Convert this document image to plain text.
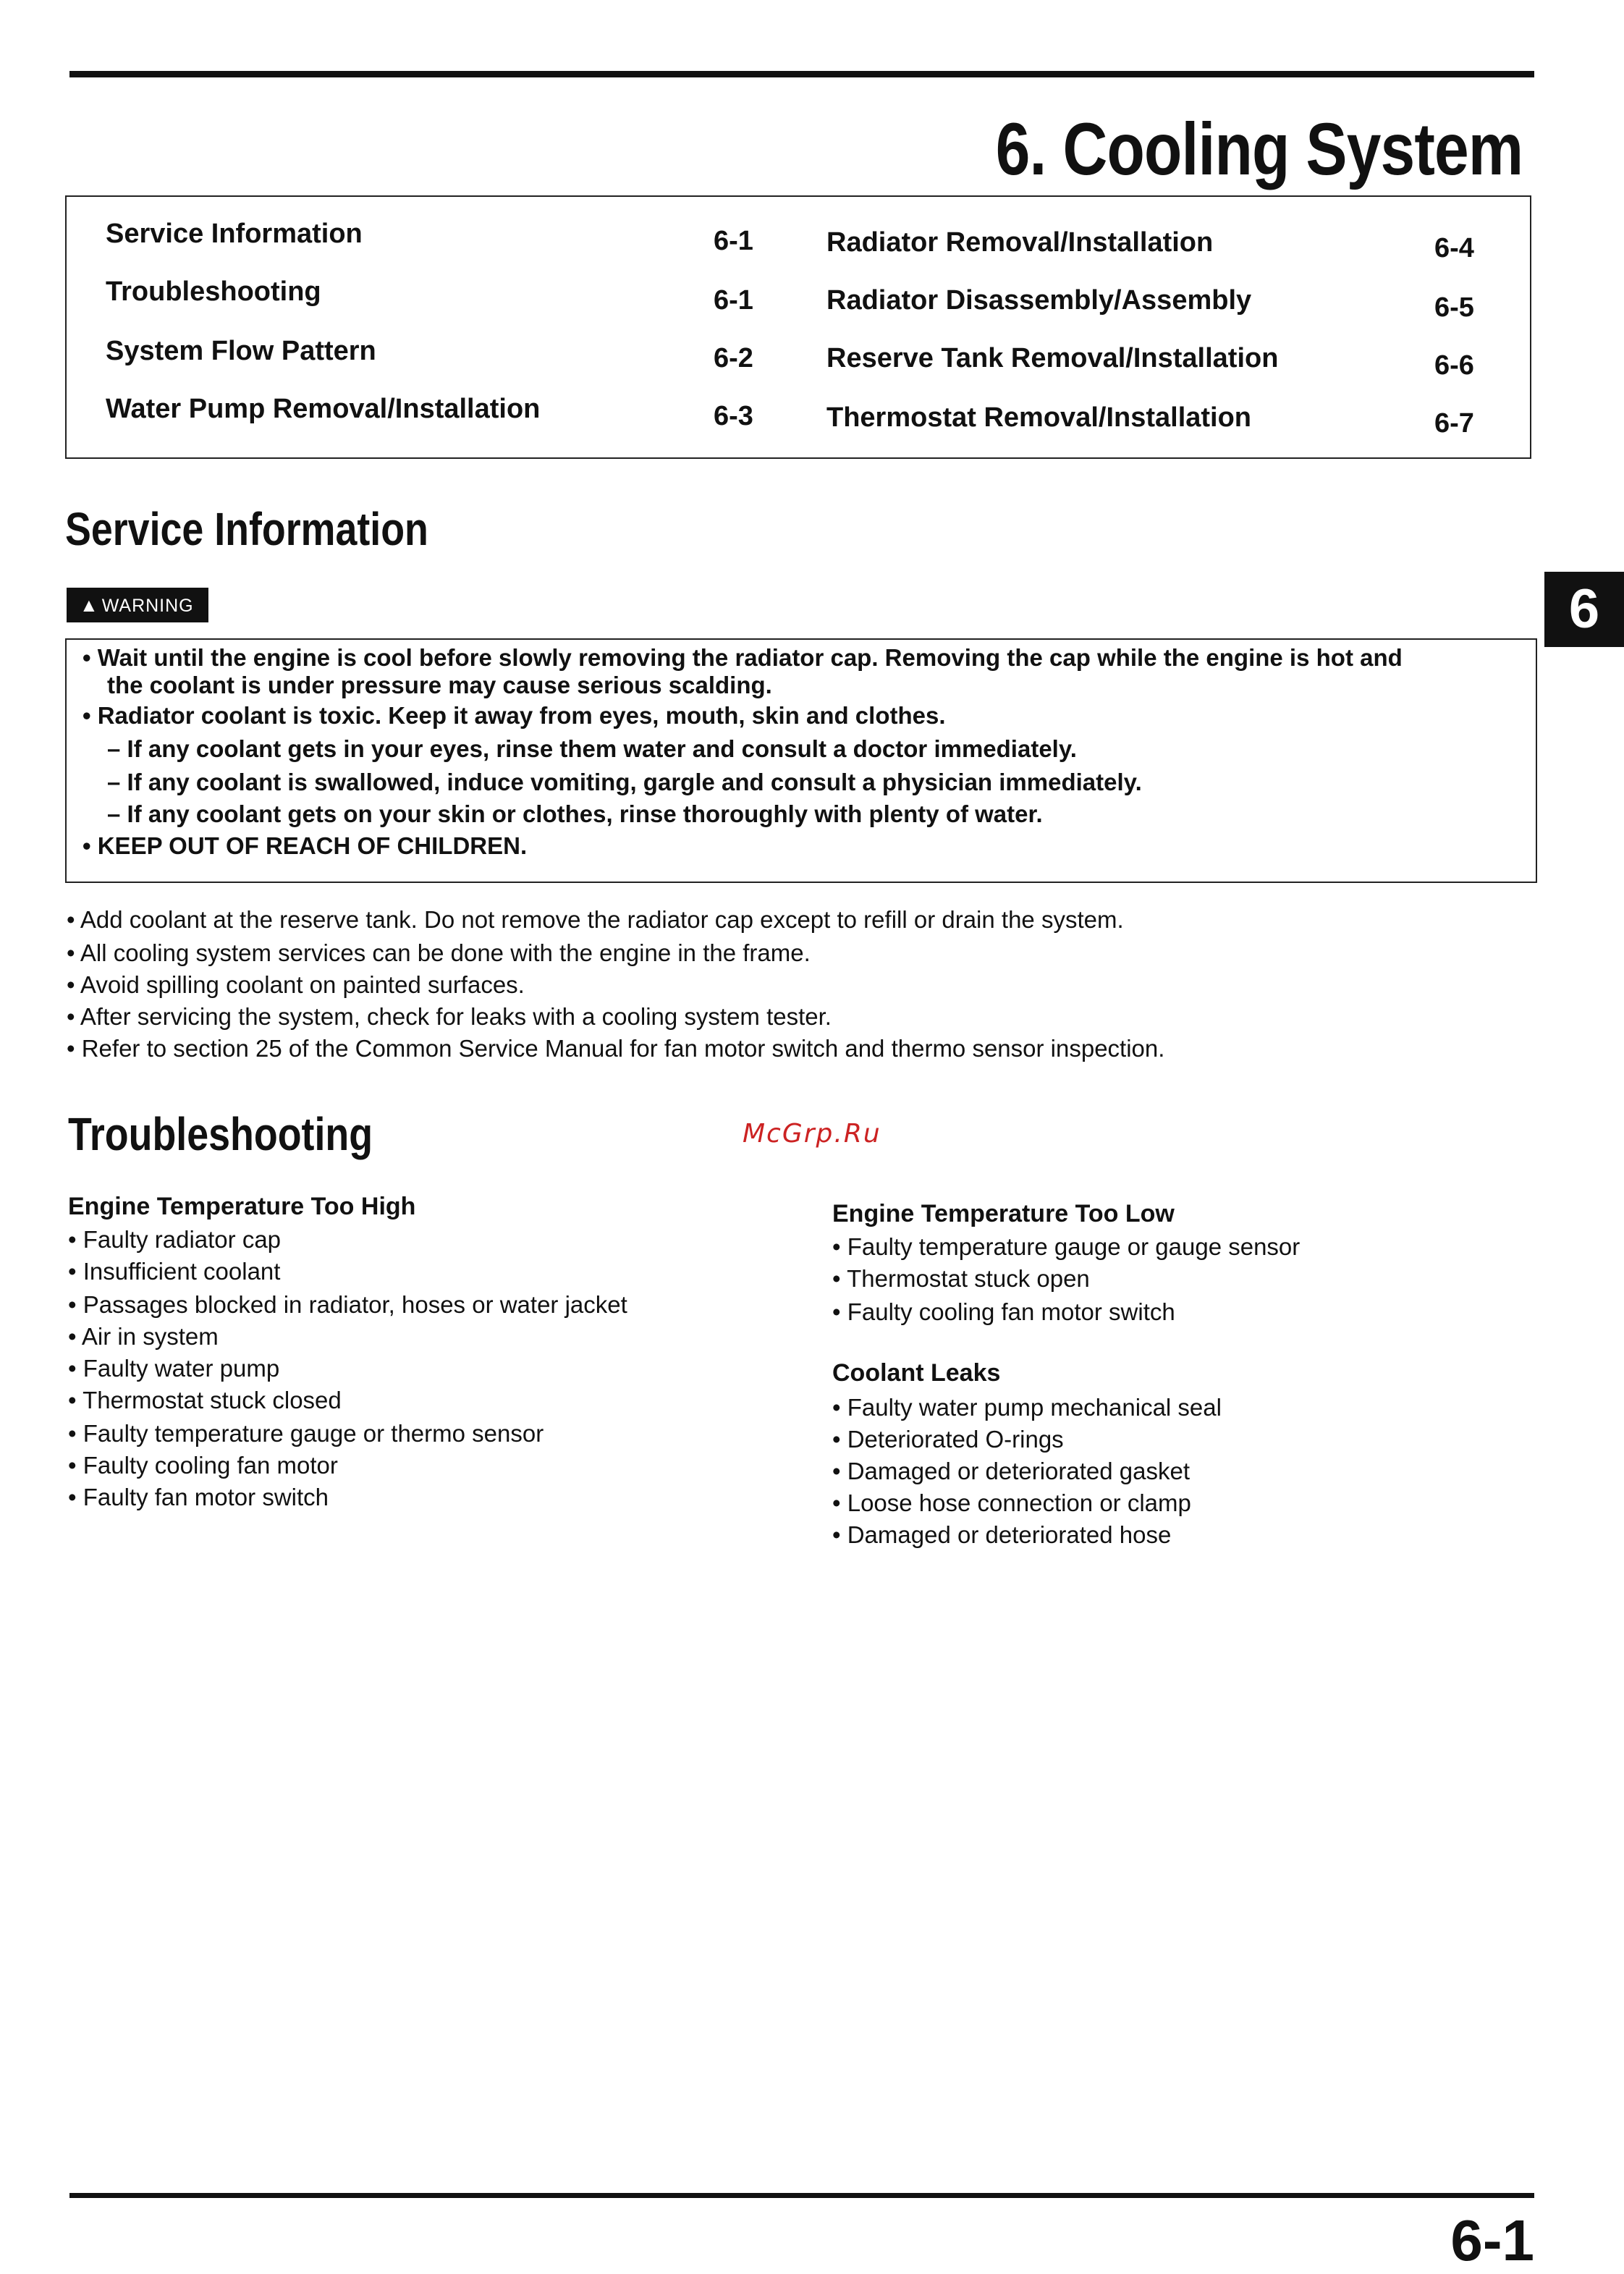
6. Cooling System
Service Information	6-1
Troubleshooting	6-1
System Flow Pattern	6-2
Water Pump Removal/Installation	6-3
Radiator Removal/Installation	6-4
Radiator Disassembly/Assembly	6-5
Reserve Tank Removal/Installation	6-6
Thermostat Removal/Installation	6-7
Service Information
6
▲ WARNING
• Wait until the engine is cool before slowly removing the radiator cap. Removing the cap while the engine is hot and
the coolant is under pressure may cause serious scalding.
• Radiator coolant is toxic. Keep it away from eyes, mouth, skin and clothes.
– If any coolant gets in your eyes, rinse them water and consult a doctor immediately.
– If any coolant is swallowed, induce vomiting, gargle and consult a physician immediately.
– If any coolant gets on your skin or clothes, rinse thoroughly with plenty of water.
• KEEP OUT OF REACH OF CHILDREN.
• Add coolant at the reserve tank. Do not remove the radiator cap except to refill or drain the system.
• All cooling system services can be done with the engine in the frame.
• Avoid spilling coolant on painted surfaces.
• After servicing the system, check for leaks with a cooling system tester.
• Refer to section 25 of the Common Service Manual for fan motor switch and thermo sensor inspection.
Troubleshooting	McGrp.Ru
Engine Temperature Too High
• Faulty radiator cap
• Insufficient coolant
• Passages blocked in radiator, hoses or water jacket
• Air in system
• Faulty water pump
• Thermostat stuck closed
• Faulty temperature gauge or thermo sensor
• Faulty cooling fan motor
• Faulty fan motor switch
Engine Temperature Too Low
• Faulty temperature gauge or gauge sensor
• Thermostat stuck open
• Faulty cooling fan motor switch
Coolant Leaks
• Faulty water pump mechanical seal
• Deteriorated O-rings
• Damaged or deteriorated gasket
• Loose hose connection or clamp
• Damaged or deteriorated hose
6-1
